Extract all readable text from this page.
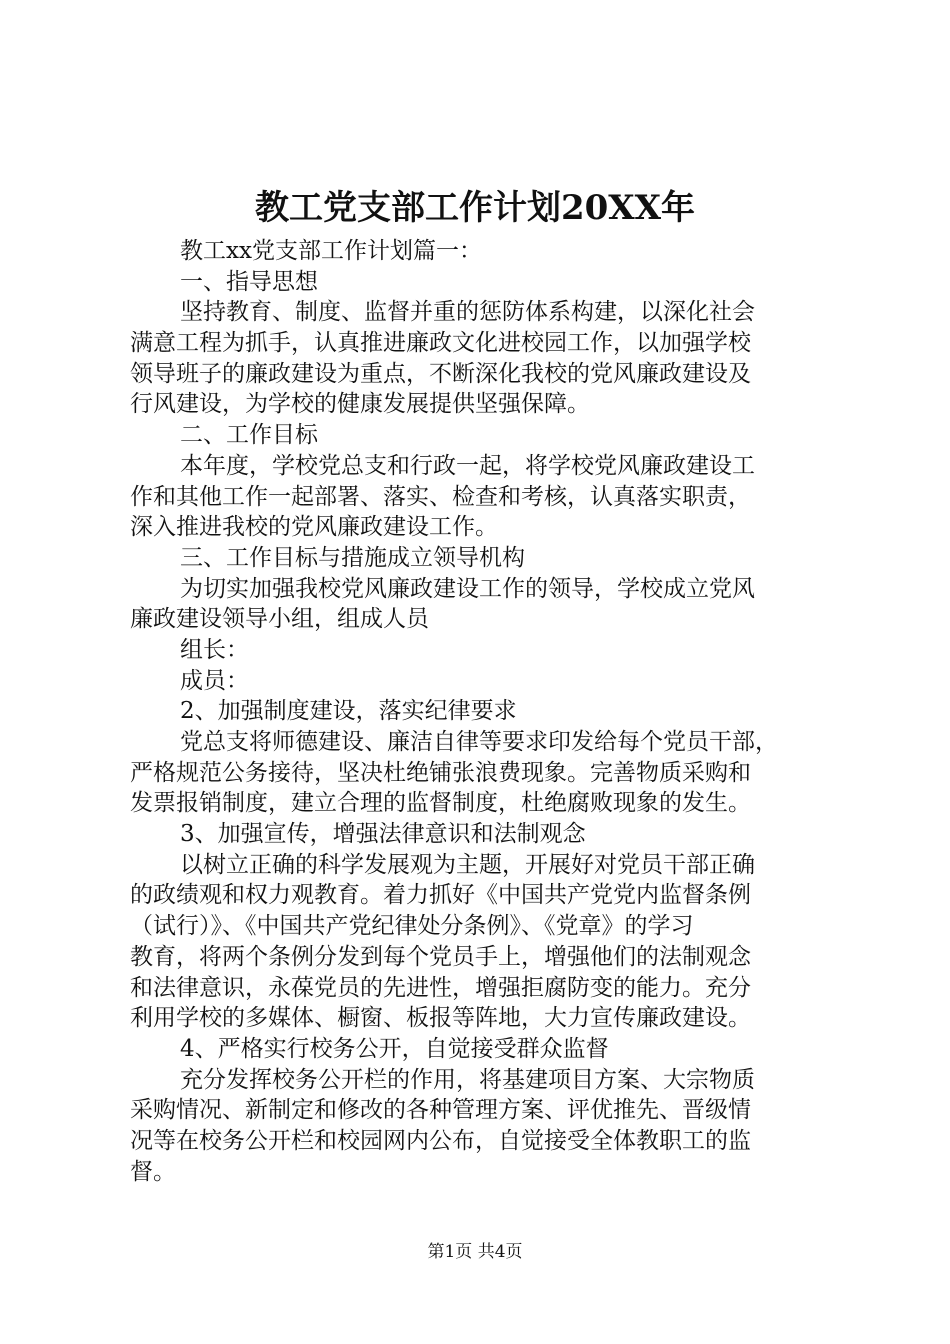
教工党支部工作计划20XX年
教工xx党支部工作计划篇一：
一、指导思想
坚持教育、制度、监督并重的惩防体系构建，以深化社会
满意工程为抓手，认真推进廉政文化进校园工作，以加强学校
领导班子的廉政建设为重点，不断深化我校的党风廉政建设及
行风建设，为学校的健康发展提供坚强保障。
二、工作目标
本年度，学校党总支和行政一起，将学校党风廉政建设工
作和其他工作一起部署、落实、检查和考核，认真落实职责，
深入推进我校的党风廉政建设工作。
三、工作目标与措施成立领导机构
为切实加强我校党风廉政建设工作的领导，学校成立党风
廉政建设领导小组，组成人员
组长：
成员：
2、加强制度建设，落实纪律要求
党总支将师德建设、廉洁自律等要求印发给每个党员干部，
严格规范公务接待，坚决杜绝铺张浪费现象。完善物质采购和
发票报销制度，建立合理的监督制度，杜绝腐败现象的发生。
3、加强宣传，增强法律意识和法制观念
以树立正确的科学发展观为主题，开展好对党员干部正确
的政绩观和权力观教育。着力抓好《中国共产党党内监督条例
（试行）》、《中国共产党纪律处分条例》、《党章》的学习
教育，将两个条例分发到每个党员手上，增强他们的法制观念
和法律意识，永葆党员的先进性，增强拒腐防变的能力。充分
利用学校的多媒体、橱窗、板报等阵地，大力宣传廉政建设。
4、严格实行校务公开，自觉接受群众监督
充分发挥校务公开栏的作用，将基建项目方案、大宗物质
采购情况、新制定和修改的各种管理方案、评优推先、晋级情
况等在校务公开栏和校园网内公布，自觉接受全体教职工的监
督。
第1页 共4页
